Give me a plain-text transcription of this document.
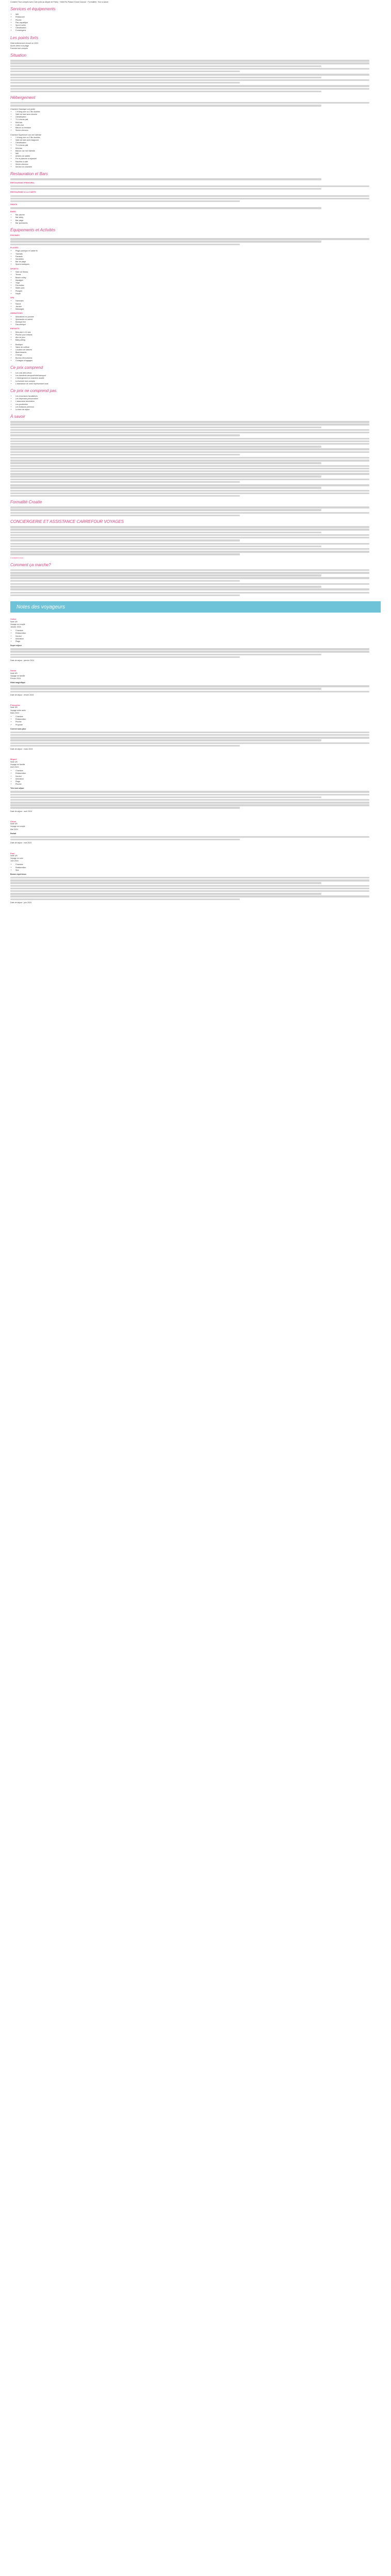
Croisière Tout compris avec Club (vols au départ de Paris) · Hôtel Riu Palace Grand Cancún · Formalités · Bon à savoir

Services et équipements
• Wifi
• Restaurant
• Piscine
• Parc aquatique
• Spa et soins
• Climatisation
• Conciergerie
Les points forts

Hôtel entièrement rénové en 2022

Accès direct à la plage

Formule tout compris

Situation
Hébergement

Chambre Classique vue jardin

• 1 lit king size ou 2 lits doubles
• Salle de bain avec douche
• Climatisation
• TV à écran plat
• Mini-bar
• Coffre-fort
• Balcon ou terrasse
• Sèche-cheveux

Chambre Supérieure vue mer latérale

• 1 lit king size ou 2 lits doubles
• Salle de bain avec baignoire
• Climatisation
• TV à écran plat
• Mini-bar
• Balcon vue mer latérale
• Wifi
• Articles de toilette
• Fer et planche à repasser
• Machine à café
• Sèche-cheveux
• Service en chambre
Restauration et Bars
RESTAURANT PRINCIPAL
RESTAURANT À LA CARTE
SNACK
BARS
• Bar piscine
• Bar lobby
• Bar plage
• Bar spectacles
Équipements et Activités
PISCINES
PLAGES
• Plage publique en sable fin
• Transats
• Parasols
• Serviettes
• Bar de plage
• Sports nautiques
SPORTS
• Salle de fitness
• Tennis
• Beach-volley
• Aquagym
• Yoga
• Fléchettes
• Water-polo
• Plongée
• Kayak
SPA
• Hammam
• Sauna
• Jacuzzi
• Massages
ANIMATIONS
• Animations en journée
• Spectacles en soirée
• Musique live
• Discothèque
ENFANTS
• Mini-club 4-12 ans
• Piscine pour enfants
• Aire de jeux
• Baby-sitting
• Boutique
• Salon de coiffure
• Location de voitures
• Blanchisserie
• Change
• Bureau d'excursions
• Consigne à bagages
Ce prix comprend
• Les vols aller-retour
• Les transferts aéroport/hôtel/aéroport
• L'hébergement en chambre double
• La formule tout compris
• L'assistance de notre représentant local
Ce prix ne comprend pas
• Les excursions facultatives
• Les dépenses personnelles
• L'assurance annulation
• Les pourboires
• Les boissons premium
• La taxe de séjour
À savoir
Formalité Croatie
CONCIERGERIE ET ASSISTANCE CARREFOUR VOYAGES

Contactez-nous

Comment ça marche?
Notes des voyageurs

Victor

Noté 4/5

Voyage en couple

Janvier 2024

• Chambre
• Restauration
• Service
• Animation
• Plage

Super séjour

Date de séjour : janvier 2024

Sonia

Noté 5/5

Voyage en famille

Février 2024

Hôtel magnifique

Date de séjour : février 2024

Françoise

Noté 3/5

Voyage entre amis

Mars 2024

• Chambre
• Restauration
• Piscine
• Propreté

Correct sans plus

Date de séjour : mars 2024

Miguel

Noté 4/5

Voyage en famille

Avril 2024

• Chambre
• Restauration
• Service
• Animation
• Plage
• Piscine

Très bon séjour

Date de séjour : avril 2024

Chloé

Noté 5/5

Voyage en couple

Mai 2024

Parfait

Date de séjour : mai 2024

Paul

Noté 4/5

Voyage en solo

Juin 2024

• Chambre
• Restauration
• Spa

Bonne expérience

Date de séjour : juin 2024
